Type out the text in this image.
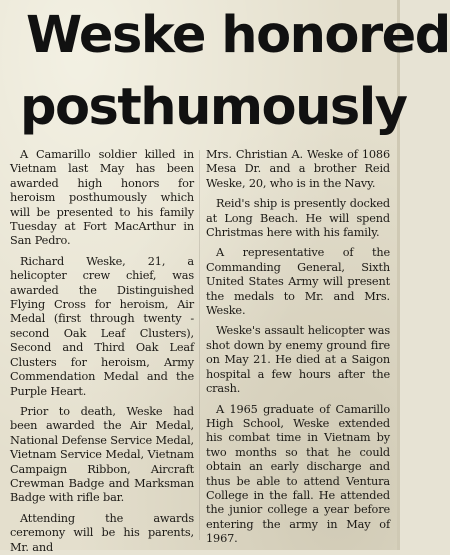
Weske honored
posthumously

A Camarillo soldier killed in Vietnam last May has been awarded high honors for heroism posthumously which will be presented to his family Tuesday at Fort MacArthur in San Pedro.

Richard Weske, 21, a helicopter crew chief, was awarded the Distinguished Flying Cross for heroism, Air Medal (first through twenty - second Oak Leaf Clusters), Second and Third Oak Leaf Clusters for heroism, Army Commendation Medal and the Purple Heart.

Prior to death, Weske had been awarded the Air Medal, National Defense Service Medal, Vietnam Service Medal, Vietnam Campaign Ribbon, Aircraft Crewman Badge and Marksman Badge with rifle bar.

Attending the awards ceremony will be his parents, Mr. and

Mrs. Christian A. Weske of 1086 Mesa Dr. and a brother Reid Weske, 20, who is in the Navy.

Reid's ship is presently docked at Long Beach. He will spend Christmas here with his family.

A representative of the Commanding General, Sixth United States Army will present the medals to Mr. and Mrs. Weske.

Weske's assault helicopter was shot down by enemy ground fire on May 21. He died at a Saigon hospital a few hours after the crash.

A 1965 graduate of Camarillo High School, Weske extended his combat time in Vietnam by two months so that he could obtain an early discharge and thus be able to attend Ventura College in the fall. He attended the junior college a year before entering the army in May of 1967.
